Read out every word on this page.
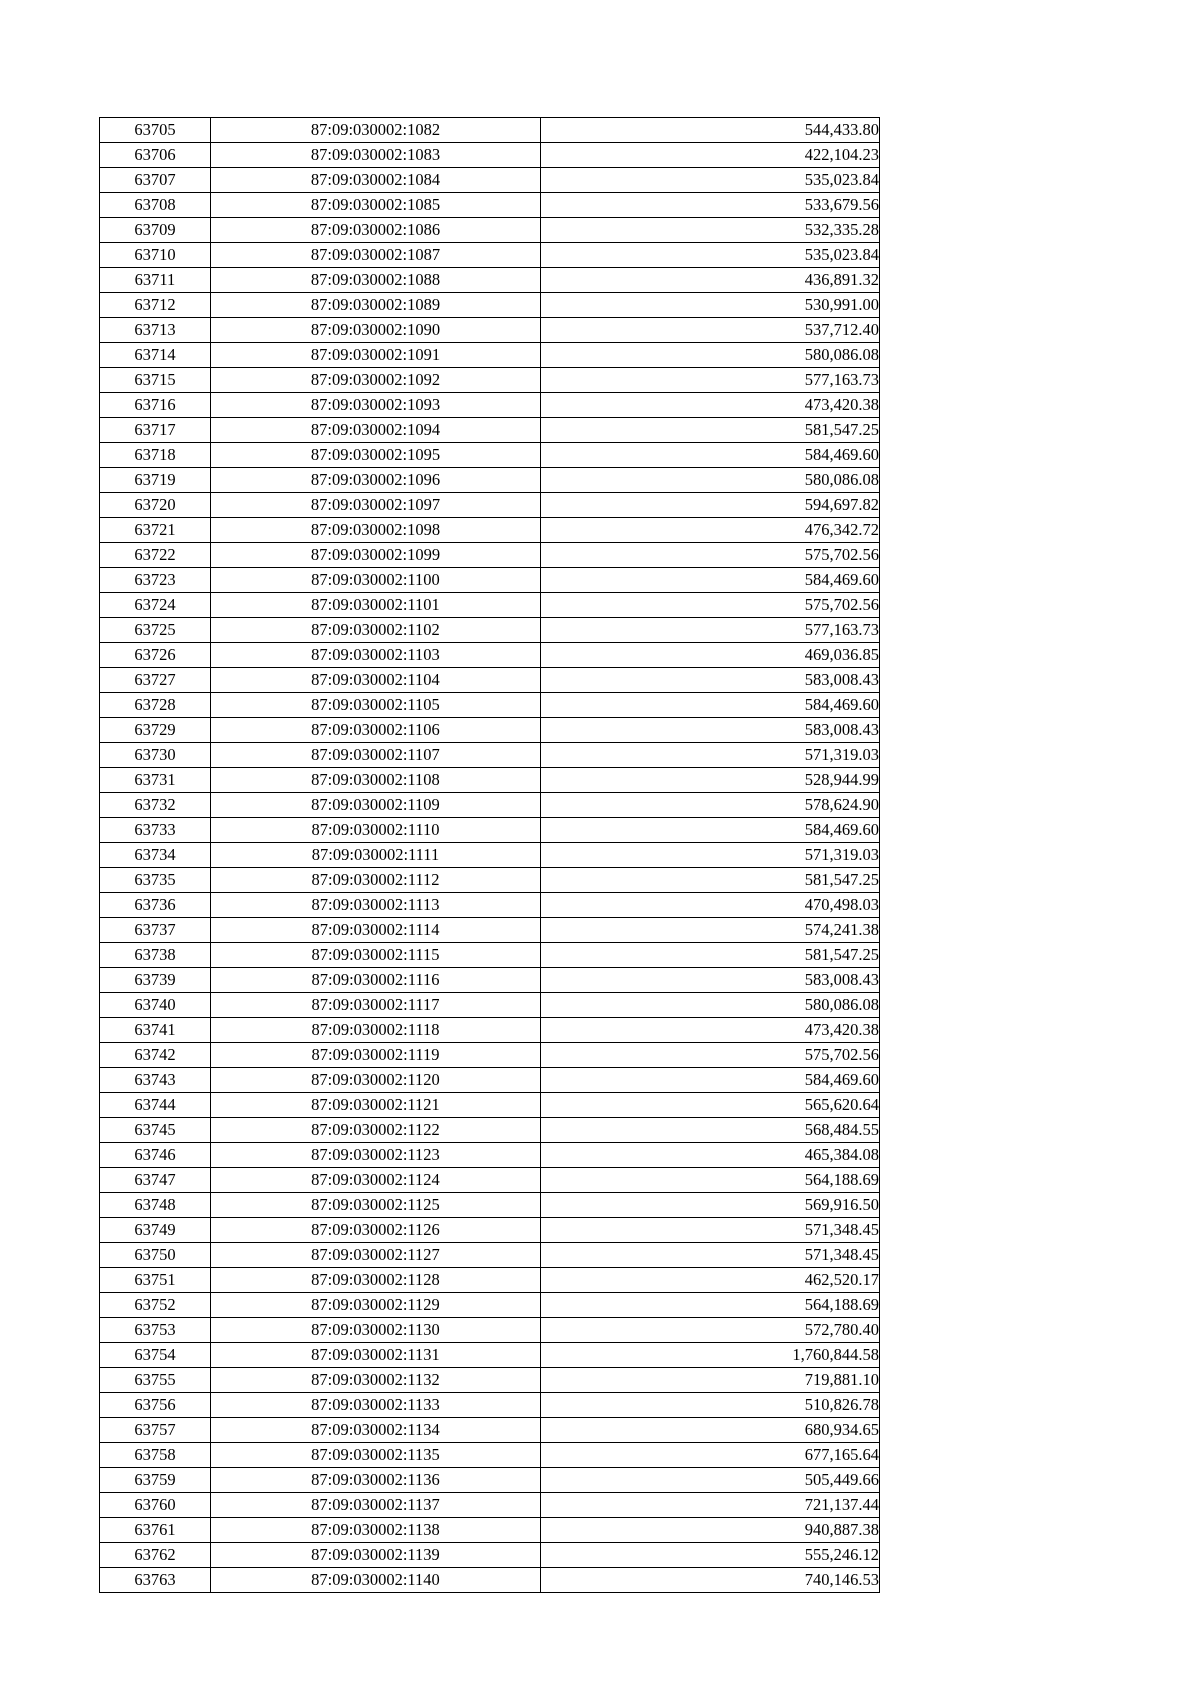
63705	87:09:030002:1082	544,433.80
63706	87:09:030002:1083	422,104.23
63707	87:09:030002:1084	535,023.84
63708	87:09:030002:1085	533,679.56
63709	87:09:030002:1086	532,335.28
63710	87:09:030002:1087	535,023.84
63711	87:09:030002:1088	436,891.32
63712	87:09:030002:1089	530,991.00
63713	87:09:030002:1090	537,712.40
63714	87:09:030002:1091	580,086.08
63715	87:09:030002:1092	577,163.73
63716	87:09:030002:1093	473,420.38
63717	87:09:030002:1094	581,547.25
63718	87:09:030002:1095	584,469.60
63719	87:09:030002:1096	580,086.08
63720	87:09:030002:1097	594,697.82
63721	87:09:030002:1098	476,342.72
63722	87:09:030002:1099	575,702.56
63723	87:09:030002:1100	584,469.60
63724	87:09:030002:1101	575,702.56
63725	87:09:030002:1102	577,163.73
63726	87:09:030002:1103	469,036.85
63727	87:09:030002:1104	583,008.43
63728	87:09:030002:1105	584,469.60
63729	87:09:030002:1106	583,008.43
63730	87:09:030002:1107	571,319.03
63731	87:09:030002:1108	528,944.99
63732	87:09:030002:1109	578,624.90
63733	87:09:030002:1110	584,469.60
63734	87:09:030002:1111	571,319.03
63735	87:09:030002:1112	581,547.25
63736	87:09:030002:1113	470,498.03
63737	87:09:030002:1114	574,241.38
63738	87:09:030002:1115	581,547.25
63739	87:09:030002:1116	583,008.43
63740	87:09:030002:1117	580,086.08
63741	87:09:030002:1118	473,420.38
63742	87:09:030002:1119	575,702.56
63743	87:09:030002:1120	584,469.60
63744	87:09:030002:1121	565,620.64
63745	87:09:030002:1122	568,484.55
63746	87:09:030002:1123	465,384.08
63747	87:09:030002:1124	564,188.69
63748	87:09:030002:1125	569,916.50
63749	87:09:030002:1126	571,348.45
63750	87:09:030002:1127	571,348.45
63751	87:09:030002:1128	462,520.17
63752	87:09:030002:1129	564,188.69
63753	87:09:030002:1130	572,780.40
63754	87:09:030002:1131	1,760,844.58
63755	87:09:030002:1132	719,881.10
63756	87:09:030002:1133	510,826.78
63757	87:09:030002:1134	680,934.65
63758	87:09:030002:1135	677,165.64
63759	87:09:030002:1136	505,449.66
63760	87:09:030002:1137	721,137.44
63761	87:09:030002:1138	940,887.38
63762	87:09:030002:1139	555,246.12
63763	87:09:030002:1140	740,146.53
